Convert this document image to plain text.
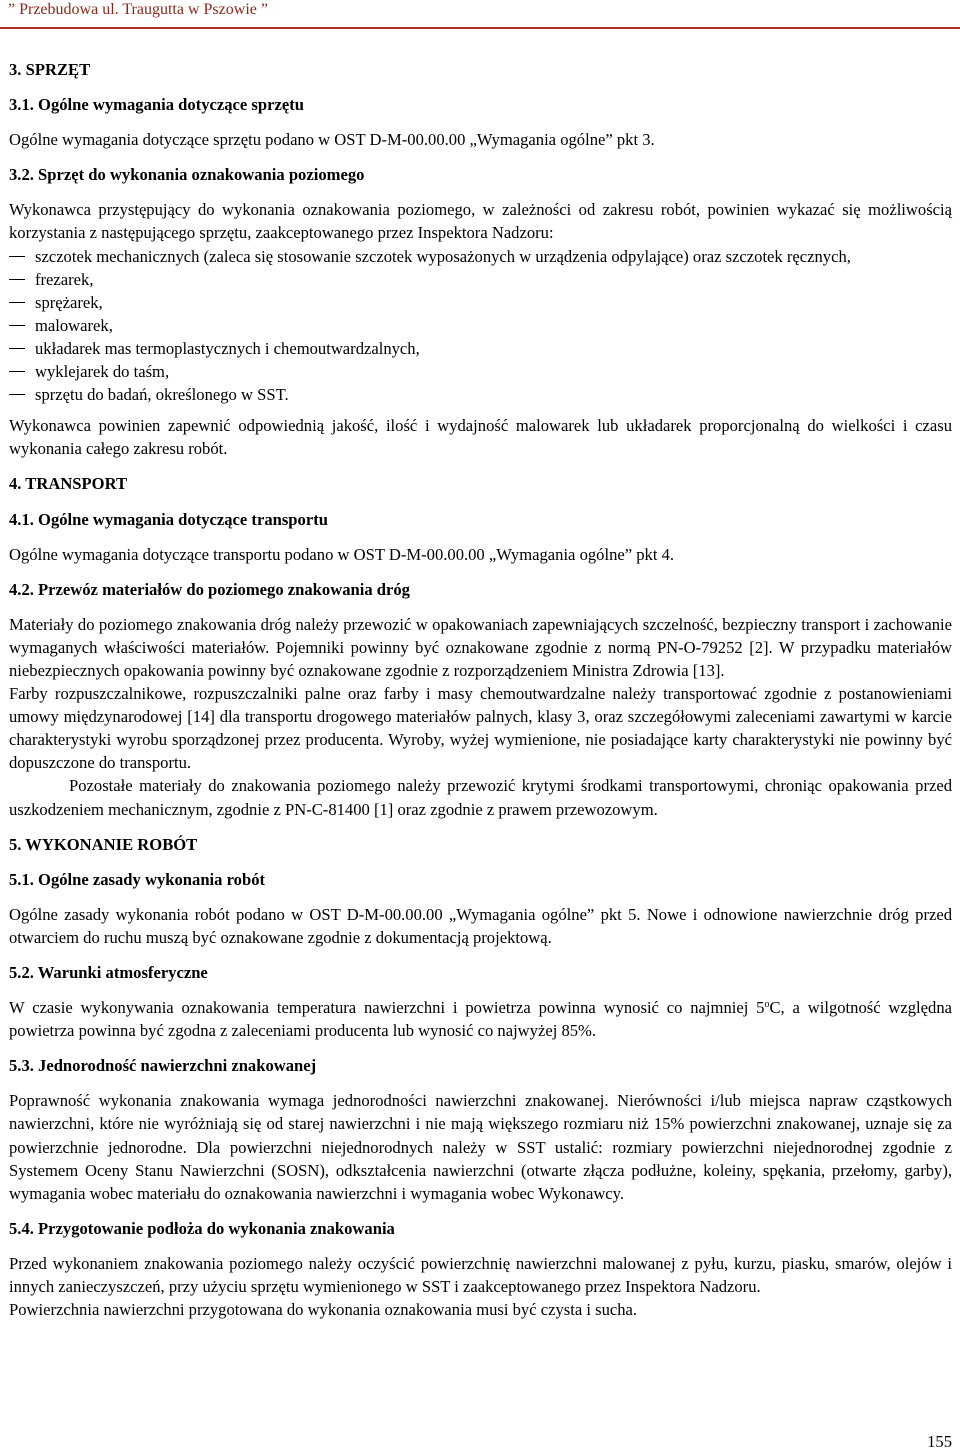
” Przebudowa ul. Traugutta w Pszowie ”

3. SPRZĘT

3.1. Ogólne wymagania dotyczące sprzętu

Ogólne wymagania dotyczące sprzętu podano w OST D-M-00.00.00 „Wymagania ogólne” pkt 3.

3.2. Sprzęt do wykonania oznakowania poziomego

Wykonawca przystępujący do wykonania oznakowania poziomego, w zależności od zakresu robót, powinien wykazać się możliwością korzystania z następującego sprzętu, zaakceptowanego przez Inspektora Nadzoru:

szczotek mechanicznych (zaleca się stosowanie szczotek wyposażonych w urządzenia odpylające) oraz szczotek ręcznych,
frezarek,
sprężarek,
malowarek,
układarek mas termoplastycznych i chemoutwardzalnych,
wyklejarek do taśm,
sprzętu do badań, określonego w SST.

Wykonawca powinien zapewnić odpowiednią jakość, ilość i wydajność malowarek lub układarek proporcjonalną do wielkości i czasu wykonania całego zakresu robót.

4. TRANSPORT

4.1. Ogólne wymagania dotyczące transportu

Ogólne wymagania dotyczące transportu podano w OST D-M-00.00.00 „Wymagania ogólne” pkt 4.

4.2. Przewóz materiałów do poziomego znakowania dróg

Materiały do poziomego znakowania dróg należy przewozić w opakowaniach zapewniających szczelność, bezpieczny transport i zachowanie wymaganych właściwości materiałów. Pojemniki powinny być oznakowane zgodnie z normą PN-O-79252 [2]. W przypadku materiałów niebezpiecznych opakowania powinny być oznakowane zgodnie z rozporządzeniem Ministra Zdrowia [13].

Farby rozpuszczalnikowe, rozpuszczalniki palne oraz farby i masy chemoutwardzalne należy transportować zgodnie z postanowieniami umowy międzynarodowej [14] dla transportu drogowego materiałów palnych, klasy 3, oraz szczegółowymi zaleceniami zawartymi w karcie charakterystyki wyrobu sporządzonej przez producenta. Wyroby, wyżej wymienione, nie posiadające karty charakterystyki nie powinny być dopuszczone do transportu.

Pozostałe materiały do znakowania poziomego należy przewozić krytymi środkami transportowymi, chroniąc opakowania przed uszkodzeniem mechanicznym, zgodnie z PN-C-81400 [1] oraz zgodnie z prawem przewozowym.

5. WYKONANIE ROBÓT

5.1. Ogólne zasady wykonania robót

Ogólne zasady wykonania robót podano w OST D-M-00.00.00 „Wymagania ogólne” pkt 5. Nowe i odnowione nawierzchnie dróg przed otwarciem do ruchu muszą być oznakowane zgodnie z dokumentacją projektową.

5.2. Warunki atmosferyczne

W czasie wykonywania oznakowania temperatura nawierzchni i powietrza powinna wynosić co najmniej 5$^o$C, a wilgotność względna powietrza powinna być zgodna z zaleceniami producenta lub wynosić co najwyżej 85%.

5.3. Jednorodność nawierzchni znakowanej

Poprawność wykonania znakowania wymaga jednorodności nawierzchni znakowanej. Nierówności i/lub miejsca napraw cząstkowych nawierzchni, które nie wyróżniają się od starej nawierzchni i nie mają większego rozmiaru niż 15% powierzchni znakowanej, uznaje się za powierzchnie jednorodne. Dla powierzchni niejednorodnych należy w SST ustalić: rozmiary powierzchni niejednorodnej zgodnie z Systemem Oceny Stanu Nawierzchni (SOSN), odkształcenia nawierzchni (otwarte złącza podłużne, koleiny, spękania, przełomy, garby), wymagania wobec materiału do oznakowania nawierzchni i wymagania wobec Wykonawcy.

5.4. Przygotowanie podłoża do wykonania znakowania

Przed wykonaniem znakowania poziomego należy oczyścić powierzchnię nawierzchni malowanej z pyłu, kurzu, piasku, smarów, olejów i innych zanieczyszczeń, przy użyciu sprzętu wymienionego w SST i zaakceptowanego przez Inspektora Nadzoru.

Powierzchnia nawierzchni przygotowana do wykonania oznakowania musi być czysta i sucha.

155
